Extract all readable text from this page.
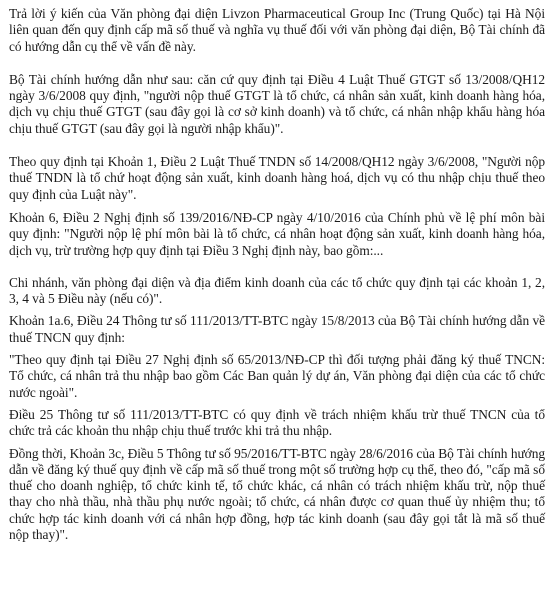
Trả lời ý kiến của Văn phòng đại diện Livzon Pharmaceutical Group Inc (Trung Quốc) tại Hà Nội liên quan đến quy định cấp mã số thuế và nghĩa vụ thuế đối với văn phòng đại diện, Bộ Tài chính đã có hướng dẫn cụ thể về vấn đề này.

Bộ Tài chính hướng dẫn như sau: căn cứ quy định tại Điều 4 Luật Thuế GTGT số 13/2008/QH12 ngày 3/6/2008 quy định, "người nộp thuế GTGT là tổ chức, cá nhân sản xuất, kinh doanh hàng hóa, dịch vụ chịu thuế GTGT (sau đây gọi là cơ sở kinh doanh) và tổ chức, cá nhân nhập khẩu hàng hóa chịu thuế GTGT (sau đây gọi là người nhập khẩu)".

Theo quy định tại Khoản 1, Điều 2 Luật Thuế TNDN số 14/2008/QH12 ngày 3/6/2008, "Người nộp thuế TNDN là tổ chứ hoạt động sản xuất, kinh doanh hàng hoá, dịch vụ có thu nhập chịu thuế theo quy định của Luật này".

Khoản 6, Điều 2 Nghị định số 139/2016/NĐ-CP ngày 4/10/2016 của Chính phủ về lệ phí môn bài quy định: "Người nộp lệ phí môn bài là tổ chức, cá nhân hoạt động sản xuất, kinh doanh hàng hóa, dịch vụ, trừ trường hợp quy định tại Điều 3 Nghị định này, bao gồm:...

Chi nhánh, văn phòng đại diện và địa điểm kinh doanh của các tổ chức quy định tại các khoản 1, 2, 3, 4 và 5 Điều này (nếu có)".

Khoản 1a.6, Điều 24 Thông tư số 111/2013/TT-BTC ngày 15/8/2013 của Bộ Tài chính hướng dẫn về thuế TNCN quy định:

"Theo quy định tại Điều 27 Nghị định số 65/2013/NĐ-CP thì đối tượng phải đăng ký thuế TNCN: Tổ chức, cá nhân trả thu nhập bao gồm Các Ban quản lý dự án, Văn phòng đại diện của các tổ chức nước ngoài".

Điều 25 Thông tư số 111/2013/TT-BTC có quy định về trách nhiệm khấu trừ thuế TNCN của tổ chức trả các khoản thu nhập chịu thuế trước khi trả thu nhập.

Đồng thời, Khoản 3c, Điều 5 Thông tư số 95/2016/TT-BTC ngày 28/6/2016 của Bộ Tài chính hướng dẫn về đăng ký thuế quy định về cấp mã số thuế trong một số trường hợp cụ thể, theo đó, "cấp mã số thuế cho doanh nghiệp, tổ chức kinh tế, tổ chức khác, cá nhân có trách nhiệm khấu trừ, nộp thuế thay cho nhà thầu, nhà thầu phụ nước ngoài; tổ chức, cá nhân được cơ quan thuế ủy nhiệm thu; tổ chức hợp tác kinh doanh với cá nhân hợp đồng, hợp tác kinh doanh (sau đây gọi tắt là mã số thuế nộp thay)".
